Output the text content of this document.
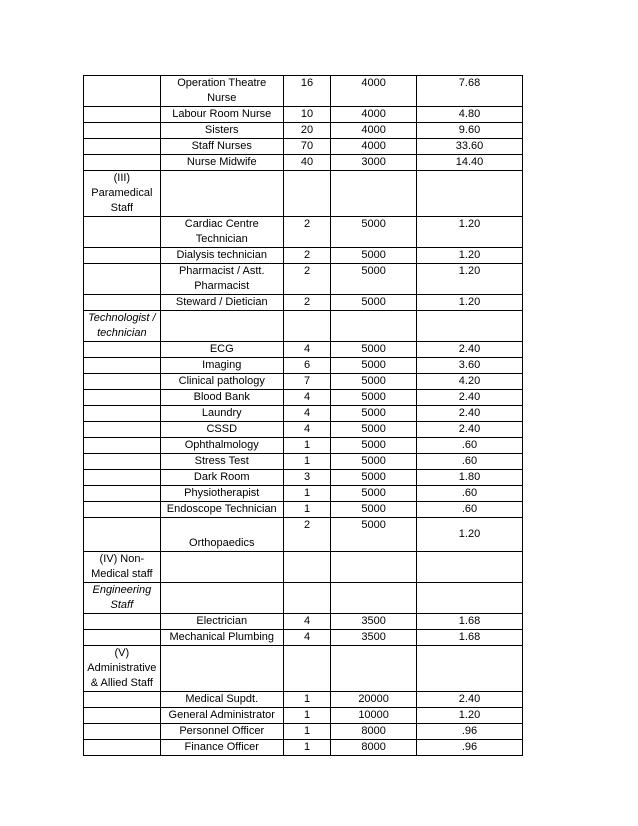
	Operation Theatre Nurse	16	4000	7.68
	Labour Room Nurse	10	4000	4.80
	Sisters	20	4000	9.60
	Staff Nurses	70	4000	33.60
	Nurse Midwife	40	3000	14.40
(III) Paramedical Staff				
	Cardiac Centre Technician	2	5000	1.20
	Dialysis technician	2	5000	1.20
	Pharmacist / Astt. Pharmacist	2	5000	1.20
	Steward / Dietician	2	5000	1.20
Technologist / technician				
	ECG	4	5000	2.40
	Imaging	6	5000	3.60
	Clinical pathology	7	5000	4.20
	Blood Bank	4	5000	2.40
	Laundry	4	5000	2.40
	CSSD	4	5000	2.40
	Ophthalmology	1	5000	.60
	Stress Test	1	5000	.60
	Dark Room	3	5000	1.80
	Physiotherapist	1	5000	.60
	Endoscope Technician	1	5000	.60
	Orthopaedics	2	5000	1.20
(IV) Non-Medical staff				
Engineering Staff				
	Electrician	4	3500	1.68
	Mechanical Plumbing	4	3500	1.68
(V) Administrative & Allied Staff				
	Medical Supdt.	1	20000	2.40
	General Administrator	1	10000	1.20
	Personnel Officer	1	8000	.96
	Finance Officer	1	8000	.96
